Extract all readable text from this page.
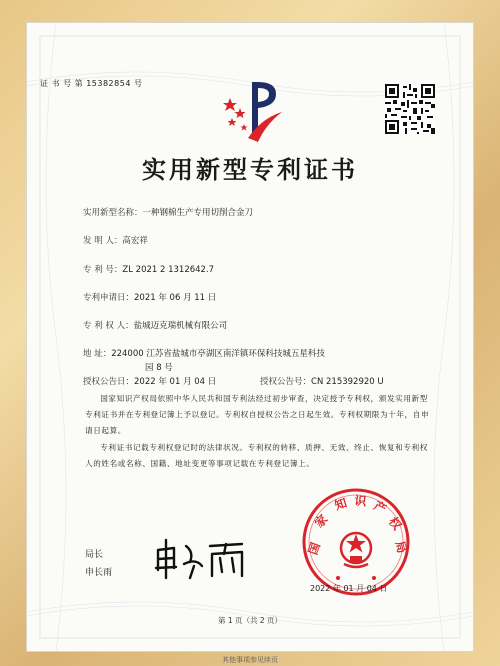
证 书 号 第 15382854 号
实用新型专利证书
实用新型名称：一种钢棉生产专用切削合金刀
发 明 人：高宏祥
专 利 号：ZL 2021 2 1312642.7
专利申请日：2021 年 06 月 11 日
专 利 权 人：盐城迈克瑞机械有限公司
地 址：224000 江苏省盐城市亭湖区南洋镇环保科技城五星科技
园 8 号
授权公告日：2022 年 01 月 04 日	授权公告号：CN 215392920 U
国家知识产权局依照中华人民共和国专利法经过初步审查，决定授予专利权，颁发实用新型专利证书并在专利登记簿上予以登记。专利权自授权公告之日起生效。专利权期限为十年，自申请日起算。
专利证书记载专利权登记时的法律状况。专利权的转移、质押、无效、终止、恢复和专利权人的姓名或名称、国籍、地址变更等事项记载在专利登记簿上。
局长
申长雨
国
家
知 识 产
权
局
2022 年 01 月 04 日
第 1 页（共 2 页）
其他事项参见续页
